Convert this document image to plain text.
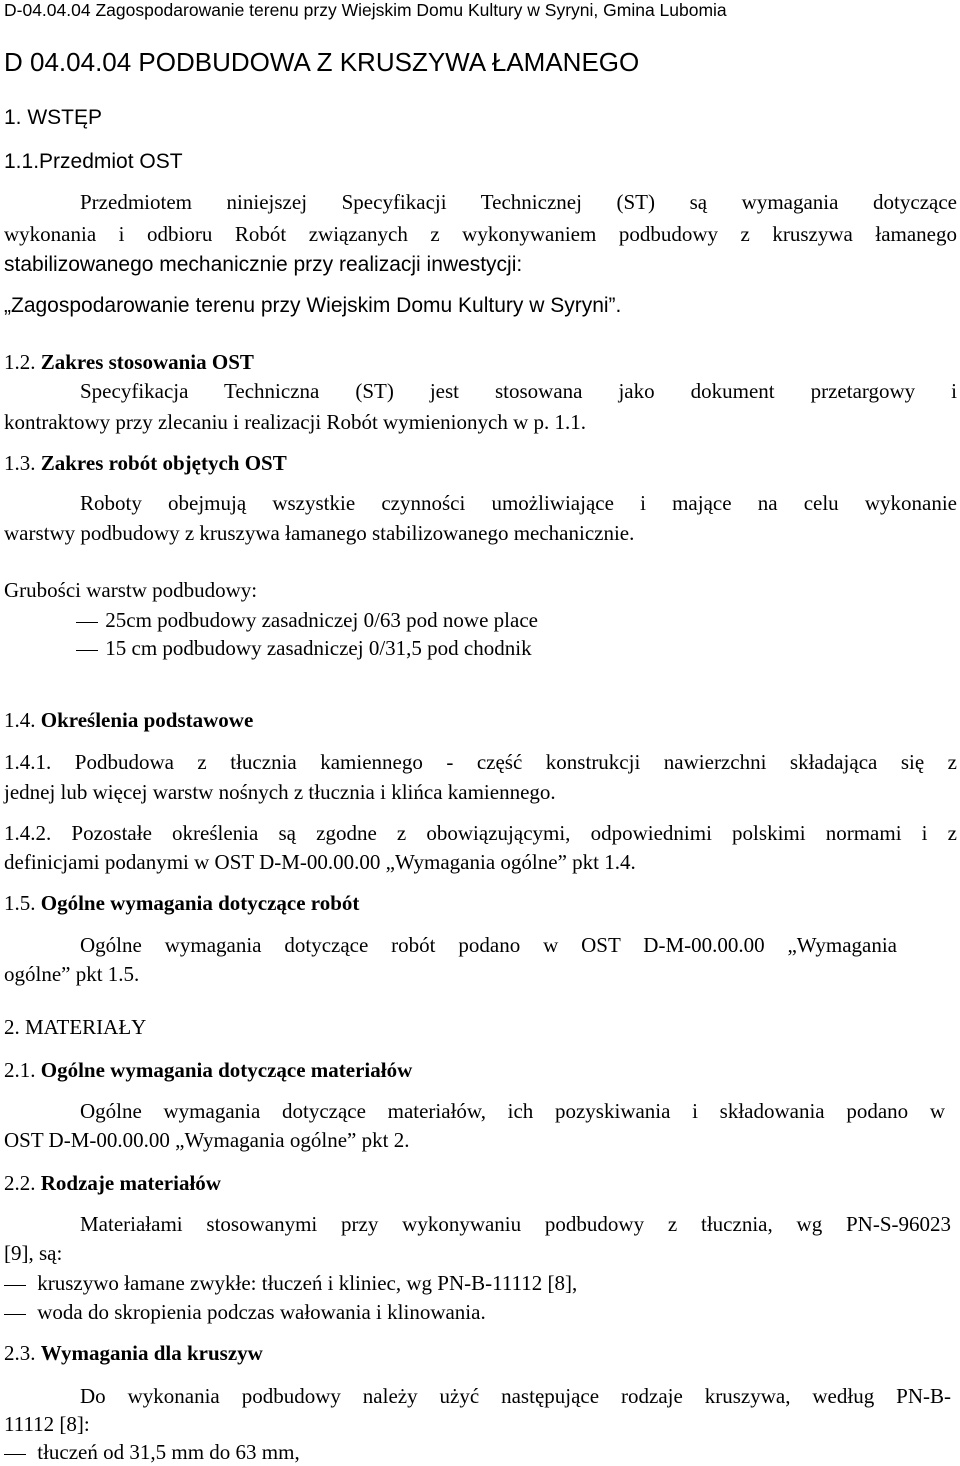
D-04.04.04 Zagospodarowanie terenu przy Wiejskim Domu Kultury w Syryni, Gmina Lubomia
D 04.04.04 PODBUDOWA Z KRUSZYWA ŁAMANEGO
1. WSTĘP
1.1.Przedmiot OST
Przedmiotem niniejszej Specyfikacji Technicznej (ST) są wymagania dotyczące
wykonania i odbioru Robót związanych z wykonywaniem podbudowy z kruszywa łamanego
stabilizowanego mechanicznie przy realizacji inwestycji:
„Zagospodarowanie terenu przy Wiejskim Domu Kultury w Syryni”.
1.2. Zakres stosowania OST
Specyfikacja Techniczna (ST) jest stosowana jako dokument przetargowy i
kontraktowy przy zlecaniu i realizacji Robót wymienionych w p. 1.1.
1.3. Zakres robót objętych OST
Roboty obejmują wszystkie czynności umożliwiające i mające na celu wykonanie
warstwy podbudowy z kruszywa łamanego stabilizowanego mechanicznie.
Grubości warstw podbudowy:
25cm podbudowy zasadniczej 0/63 pod nowe place
15 cm podbudowy zasadniczej 0/31,5 pod chodnik
1.4. Określenia podstawowe
1.4.1. Podbudowa z tłucznia kamiennego - część konstrukcji nawierzchni składająca się z
jednej lub więcej warstw nośnych z tłucznia i klińca kamiennego.
1.4.2. Pozostałe określenia są zgodne z obowiązującymi, odpowiednimi polskimi normami i z
definicjami podanymi w OST D-M-00.00.00 „Wymagania ogólne” pkt 1.4.
1.5. Ogólne wymagania dotyczące robót
Ogólne wymagania dotyczące robót podano w OST D-M-00.00.00 „Wymagania
ogólne” pkt 1.5.
2. MATERIAŁY
2.1. Ogólne wymagania dotyczące materiałów
Ogólne wymagania dotyczące materiałów, ich pozyskiwania i składowania podano w
OST D-M-00.00.00 „Wymagania ogólne” pkt 2.
2.2. Rodzaje materiałów
Materiałami stosowanymi przy wykonywaniu podbudowy z tłucznia, wg PN-S-96023
[9], są:
kruszywo łamane zwykłe: tłuczeń i kliniec, wg PN-B-11112 [8],
woda do skropienia podczas wałowania i klinowania.
2.3. Wymagania dla kruszyw
Do wykonania podbudowy należy użyć następujące rodzaje kruszywa, według PN-B-
11112 [8]:
tłuczeń od 31,5 mm do 63 mm,
